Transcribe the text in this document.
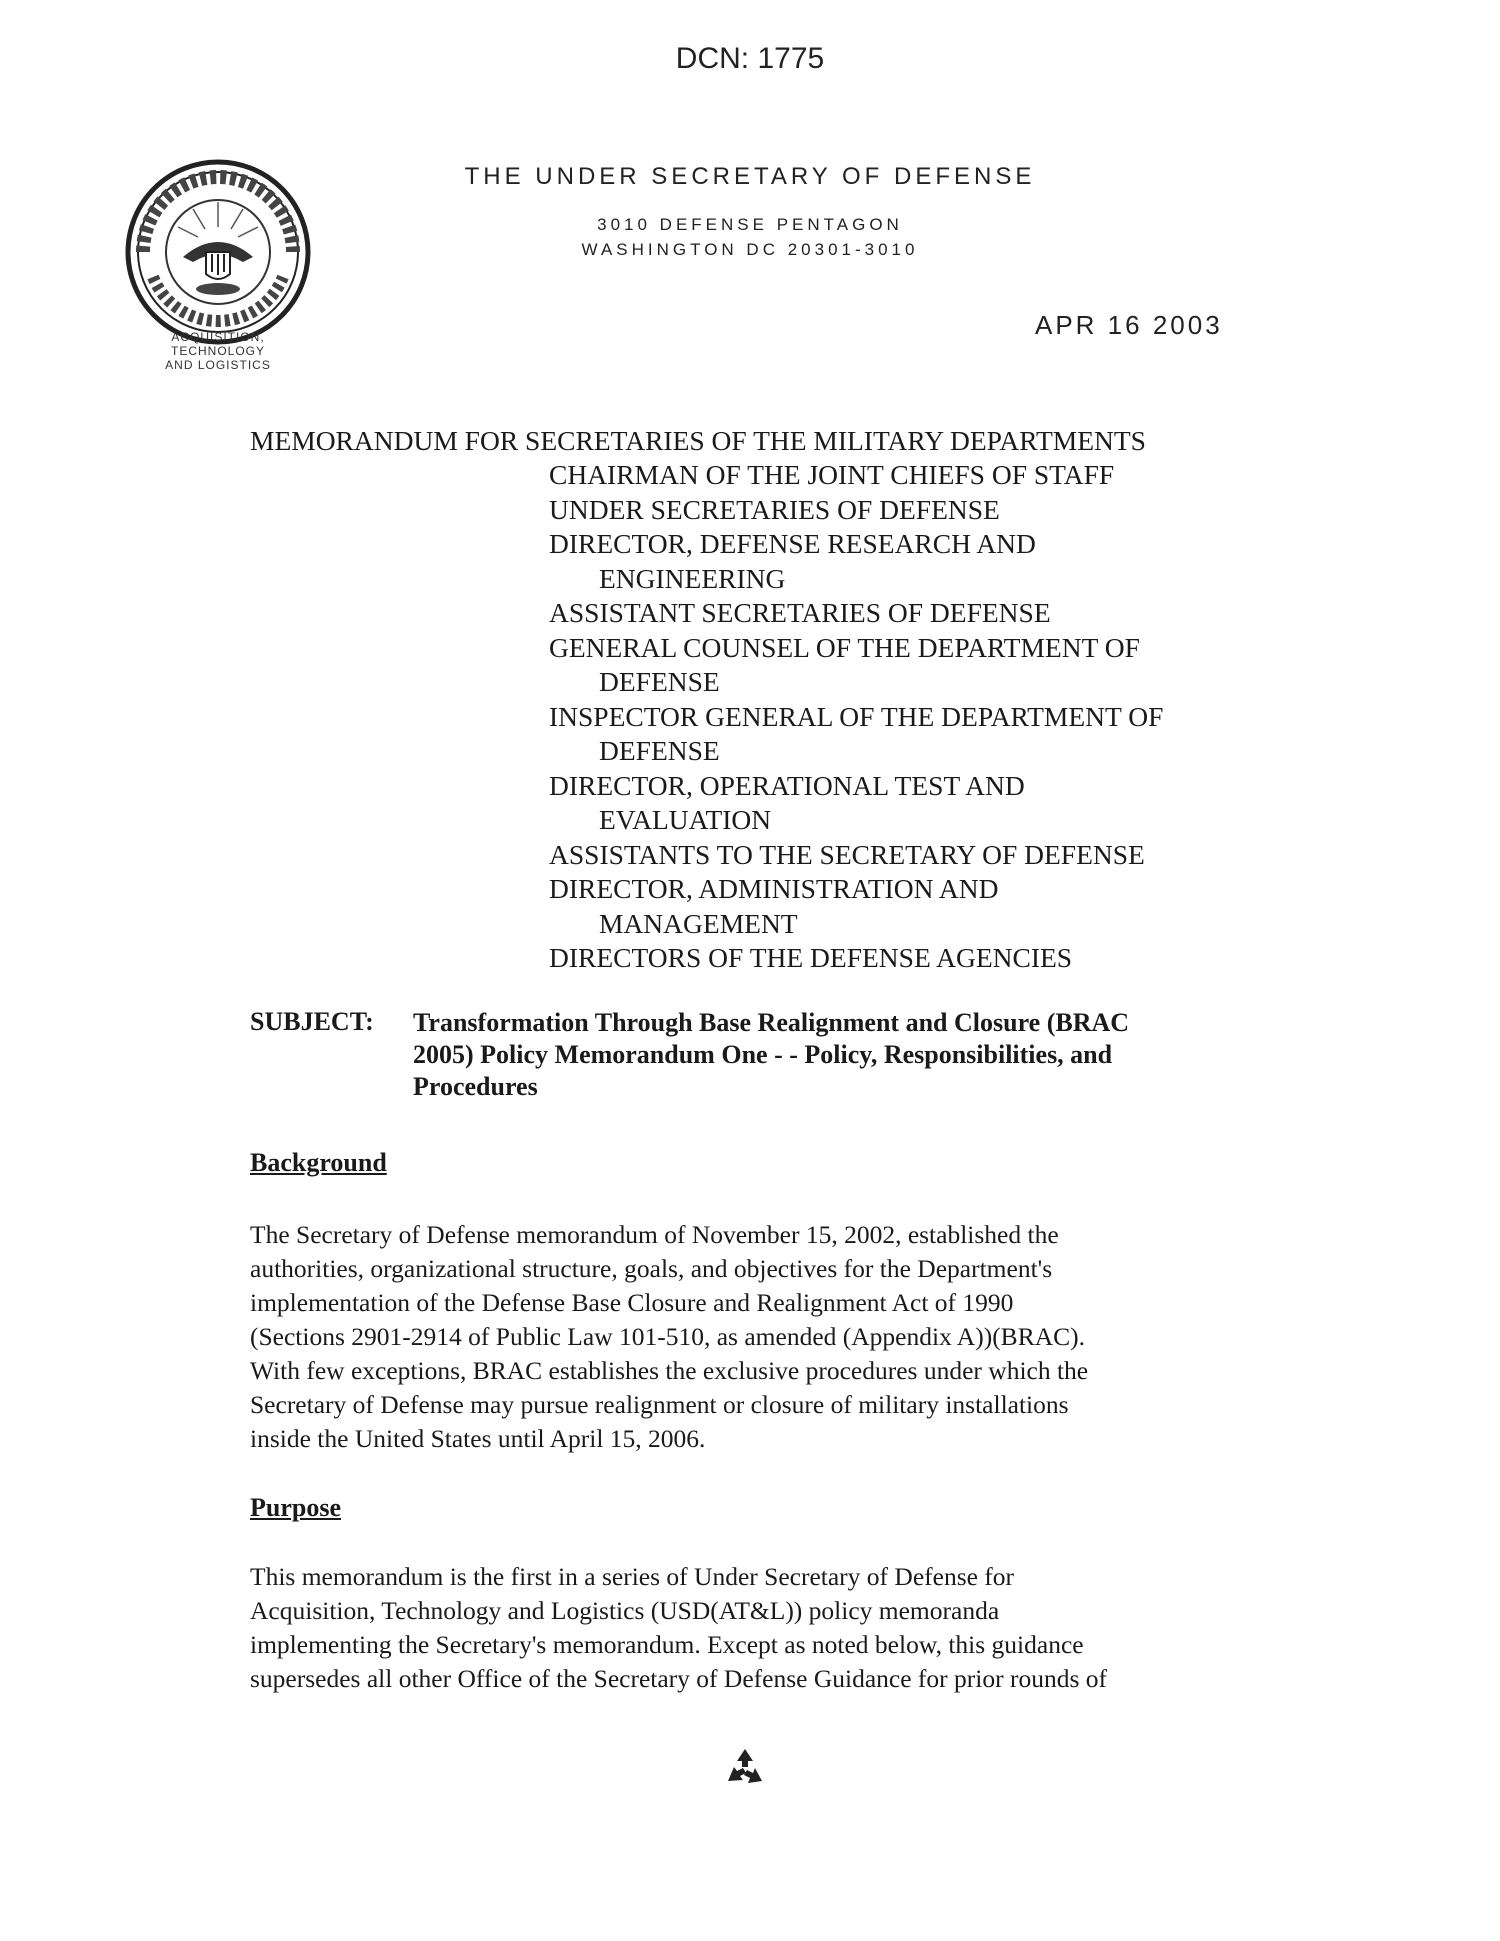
DCN: 1775
ACQUISITION,
TECHNOLOGY
AND LOGISTICS
THE UNDER SECRETARY OF DEFENSE
3010 DEFENSE PENTAGON
WASHINGTON DC 20301-3010
APR 16 2003
MEMORANDUM FOR SECRETARIES OF THE MILITARY DEPARTMENTS
CHAIRMAN OF THE JOINT CHIEFS OF STAFF
UNDER SECRETARIES OF DEFENSE
DIRECTOR, DEFENSE RESEARCH AND
ENGINEERING
ASSISTANT SECRETARIES OF DEFENSE
GENERAL COUNSEL OF THE DEPARTMENT OF
DEFENSE
INSPECTOR GENERAL OF THE DEPARTMENT OF
DEFENSE
DIRECTOR, OPERATIONAL TEST AND
EVALUATION
ASSISTANTS TO THE SECRETARY OF DEFENSE
DIRECTOR, ADMINISTRATION AND
MANAGEMENT
DIRECTORS OF THE DEFENSE AGENCIES
SUBJECT: Transformation Through Base Realignment and Closure (BRAC
2005) Policy Memorandum One - - Policy, Responsibilities, and
Procedures
Background
The Secretary of Defense memorandum of November 15, 2002, established the
authorities, organizational structure, goals, and objectives for the Department's
implementation of the Defense Base Closure and Realignment Act of 1990
(Sections 2901-2914 of Public Law 101-510, as amended (Appendix A))(BRAC).
With few exceptions, BRAC establishes the exclusive procedures under which the
Secretary of Defense may pursue realignment or closure of military installations
inside the United States until April 15, 2006.
Purpose
This memorandum is the first in a series of Under Secretary of Defense for
Acquisition, Technology and Logistics (USD(AT&L)) policy memoranda
implementing the Secretary's memorandum. Except as noted below, this guidance
supersedes all other Office of the Secretary of Defense Guidance for prior rounds of
